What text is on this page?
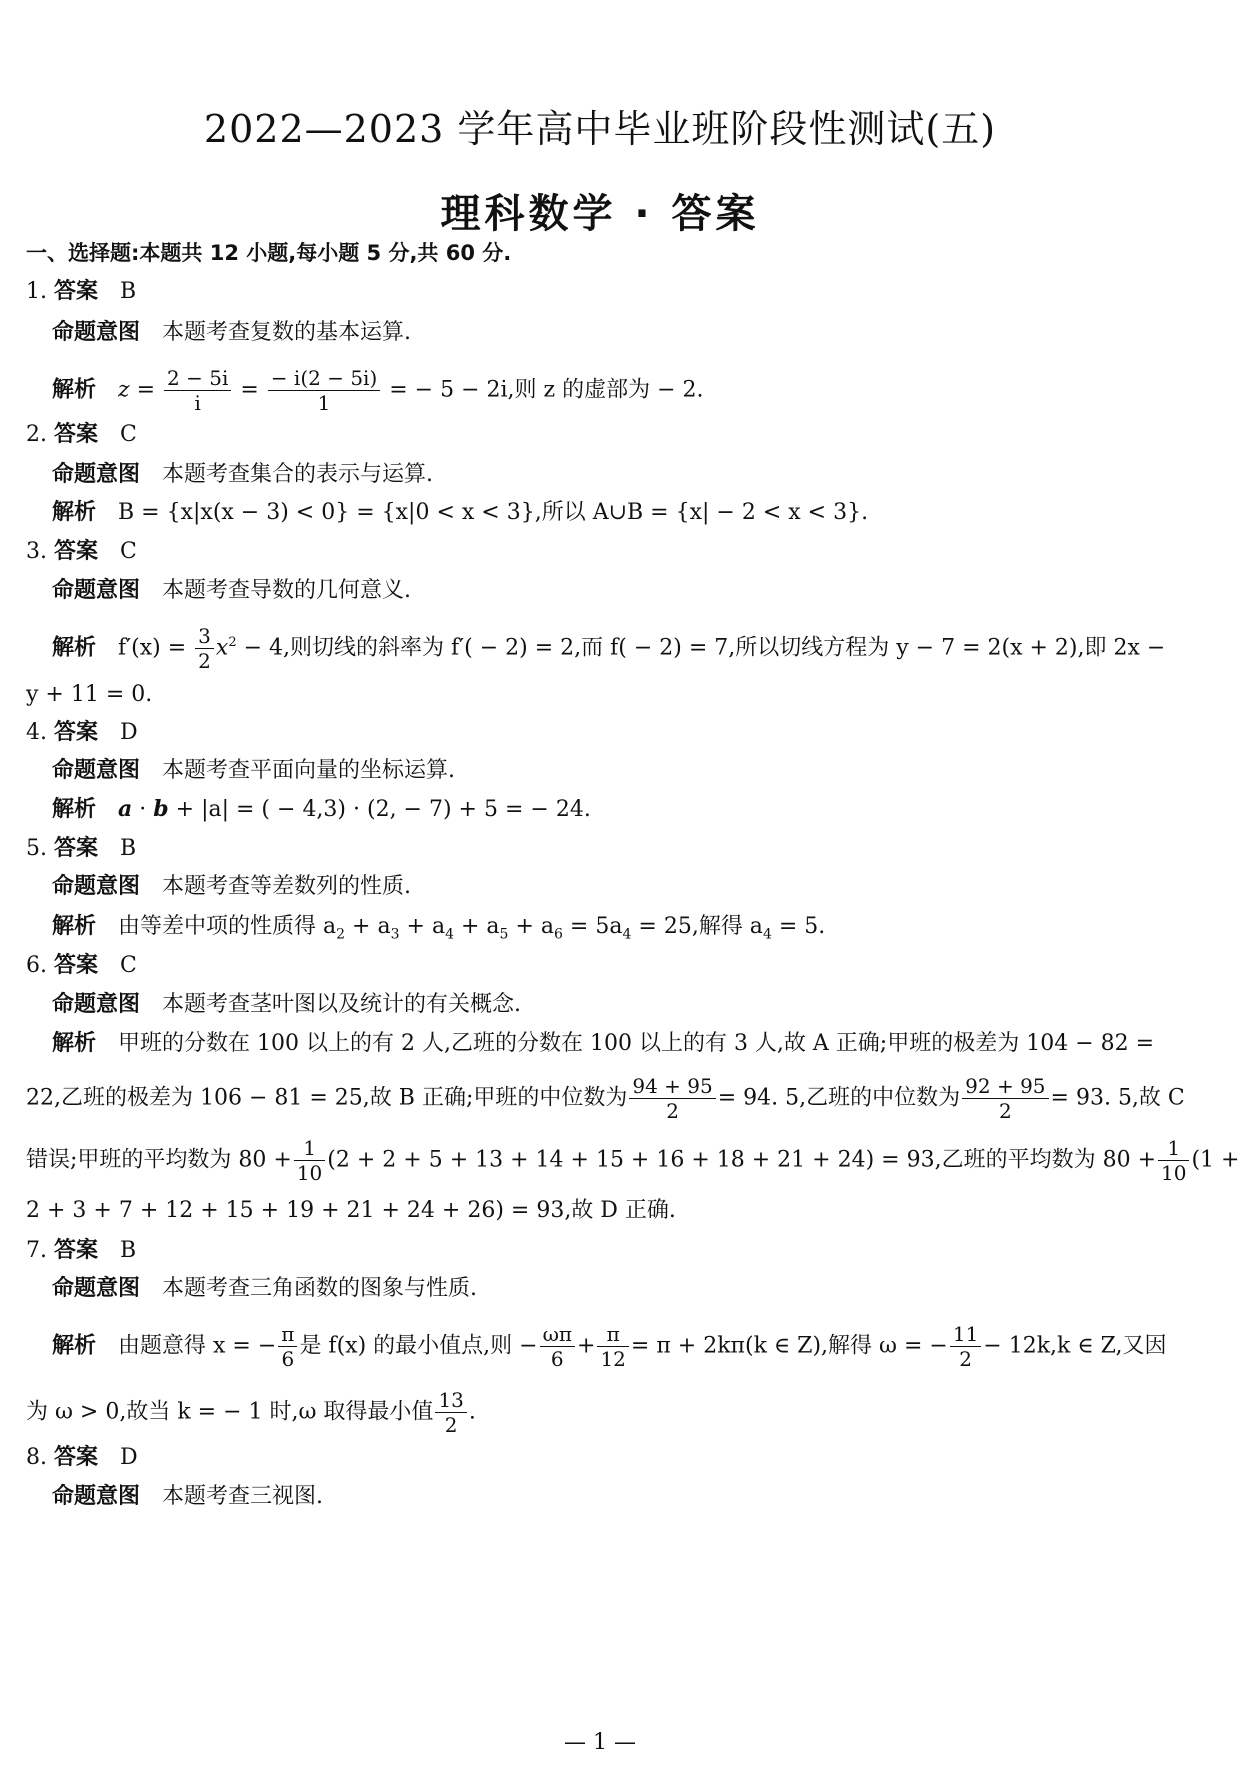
2022—2023 学年高中毕业班阶段性测试(五)
理科数学 · 答案
一、选择题:本题共 12 小题,每小题 5 分,共 60 分.
1. 答案 B
命题意图 本题考查复数的基本运算.
解析 $z = \frac{2 - 5i}{i} = \frac{- i(2 - 5i)}{1}$ = − 5 − 2i,则 z 的虚部为 − 2.
2. 答案 C
命题意图 本题考查集合的表示与运算.
解析 B = {x|x(x − 3) < 0} = {x|0 < x < 3},所以 A∪B = {x| − 2 < x < 3}.
3. 答案 C
命题意图 本题考查导数的几何意义.
解析 $f'(x) = \frac{3}{2} x^2 - 4$,则切线的斜率为 f′( − 2) = 2,而 f( − 2) = 7,所以切线方程为 y − 7 = 2(x + 2),即 2x −
y + 11 = 0.
4. 答案 D
命题意图 本题考查平面向量的坐标运算.
解析 a · b + |a| = ( − 4,3) · (2, − 7) + 5 = − 24.
5. 答案 B
命题意图 本题考查等差数列的性质.
解析 由等差中项的性质得 $a_2 + a_3 + a_4 + a_5 + a_6 = 5a_4 = 25$,解得 $a_4 = 5$.
6. 答案 C
命题意图 本题考查茎叶图以及统计的有关概念.
解析 甲班的分数在 100 以上的有 2 人,乙班的分数在 100 以上的有 3 人,故 A 正确;甲班的极差为 104 − 82 =
22,乙班的极差为 106 − 81 = 25,故 B 正确;甲班的中位数为 $\frac{94 + 95}{2} = 94$. 5,乙班的中位数为 $\frac{92 + 95}{2} = 93$. 5,故 C
错误;甲班的平均数为 $80 + \frac{1}{10} (2 + 2 + 5 + 13 + 14 + 15 + 16 + 18 + 21 + 24) = 93$,乙班的平均数为 $80 + \frac{1}{10} (1$ +
2 + 3 + 7 + 12 + 15 + 19 + 21 + 24 + 26) = 93,故 D 正确.
7. 答案 B
命题意图 本题考查三角函数的图象与性质.
解析 由题意得 x = − $\frac{\pi}{6}$ 是 f(x) 的最小值点,则 − $\frac{\omega\pi}{6} + \frac{\pi}{12} = \pi + 2k\pi(k$ ∈ Z),解得 ω = − $\frac{11}{2} - 12k,k$ ∈ Z,又因
为 ω > 0,故当 k = − 1 时,ω 取得最小值 $\frac{13}{2}$ .
8. 答案 D
命题意图 本题考查三视图.
— 1 —
